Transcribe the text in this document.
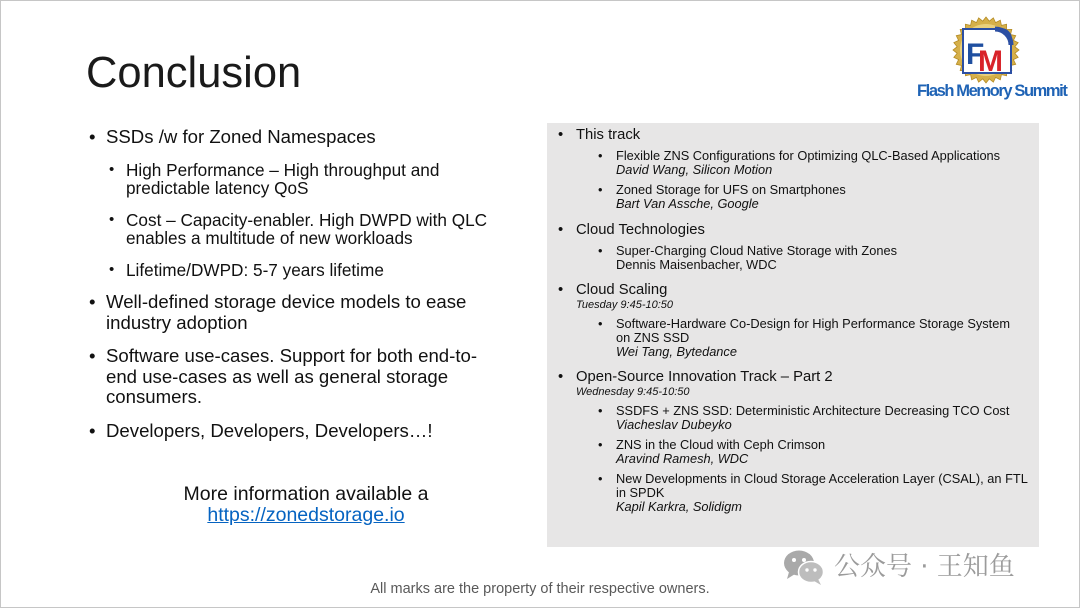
Conclusion	F
M
Flash Memory Summit
• SSDs /w for Zoned Namespaces
• High Performance – High throughput and
predictable latency QoS
• Cost – Capacity-enabler. High DWPD with QLC
enables a multitude of new workloads
• Lifetime/DWPD: 5-7 years lifetime
• Well-defined storage device models to ease
industry adoption
• Software use-cases. Support for both end-to-
end use-cases as well as general storage
consumers.
• Developers, Developers, Developers…!
More information available a
https://zonedstorage.io
• This track
• Flexible ZNS Configurations for Optimizing QLC-Based Applications
David Wang, Silicon Motion
• Zoned Storage for UFS on Smartphones
Bart Van Assche, Google
• Cloud Technologies
• Super-Charging Cloud Native Storage with Zones
Dennis Maisenbacher, WDC
• Cloud Scaling
Tuesday 9:45-10:50
• Software-Hardware Co-Design for High Performance Storage System
on ZNS SSD
Wei Tang, Bytedance
• Open-Source Innovation Track – Part 2
Wednesday 9:45-10:50
• SSDFS + ZNS SSD: Deterministic Architecture Decreasing TCO Cost
Viacheslav Dubeyko
• ZNS in the Cloud with Ceph Crimson
Aravind Ramesh, WDC
• New Developments in Cloud Storage Acceleration Layer (CSAL), an FTL
in SPDK
Kapil Karkra, Solidigm
All marks are the property of their respective owners.
公众号 · 王知鱼
